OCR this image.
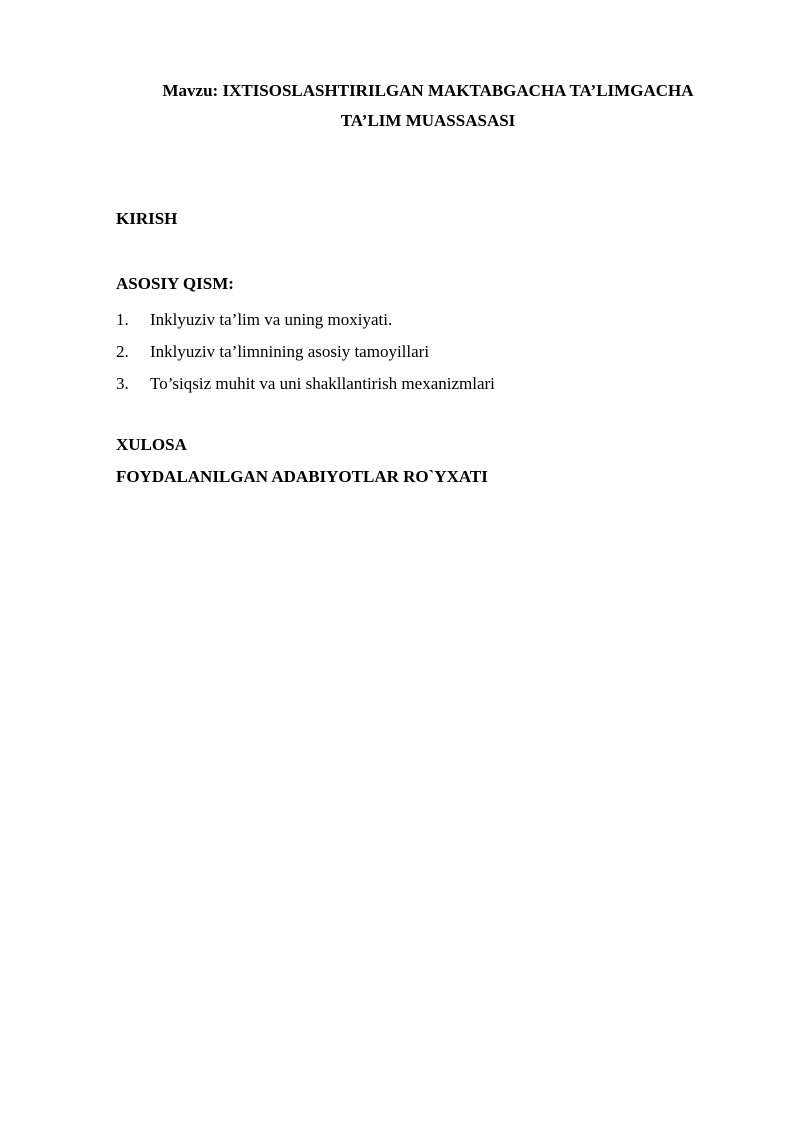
Mavzu: IXTISOSLASHTIRILGAN MAKTABGACHA TA’LIMGACHA
TA’LIM MUASSASASI
KIRISH
ASOSIY QISM:
1.	Inklyuziv ta’lim va uning moxiyati.
2.	Inklyuziv ta’limnining asosiy tamoyillari
3.	To’siqsiz muhit va uni shakllantirish mexanizmlari
XULOSA
FOYDALANILGAN ADABIYOTLAR RO`YXATI
